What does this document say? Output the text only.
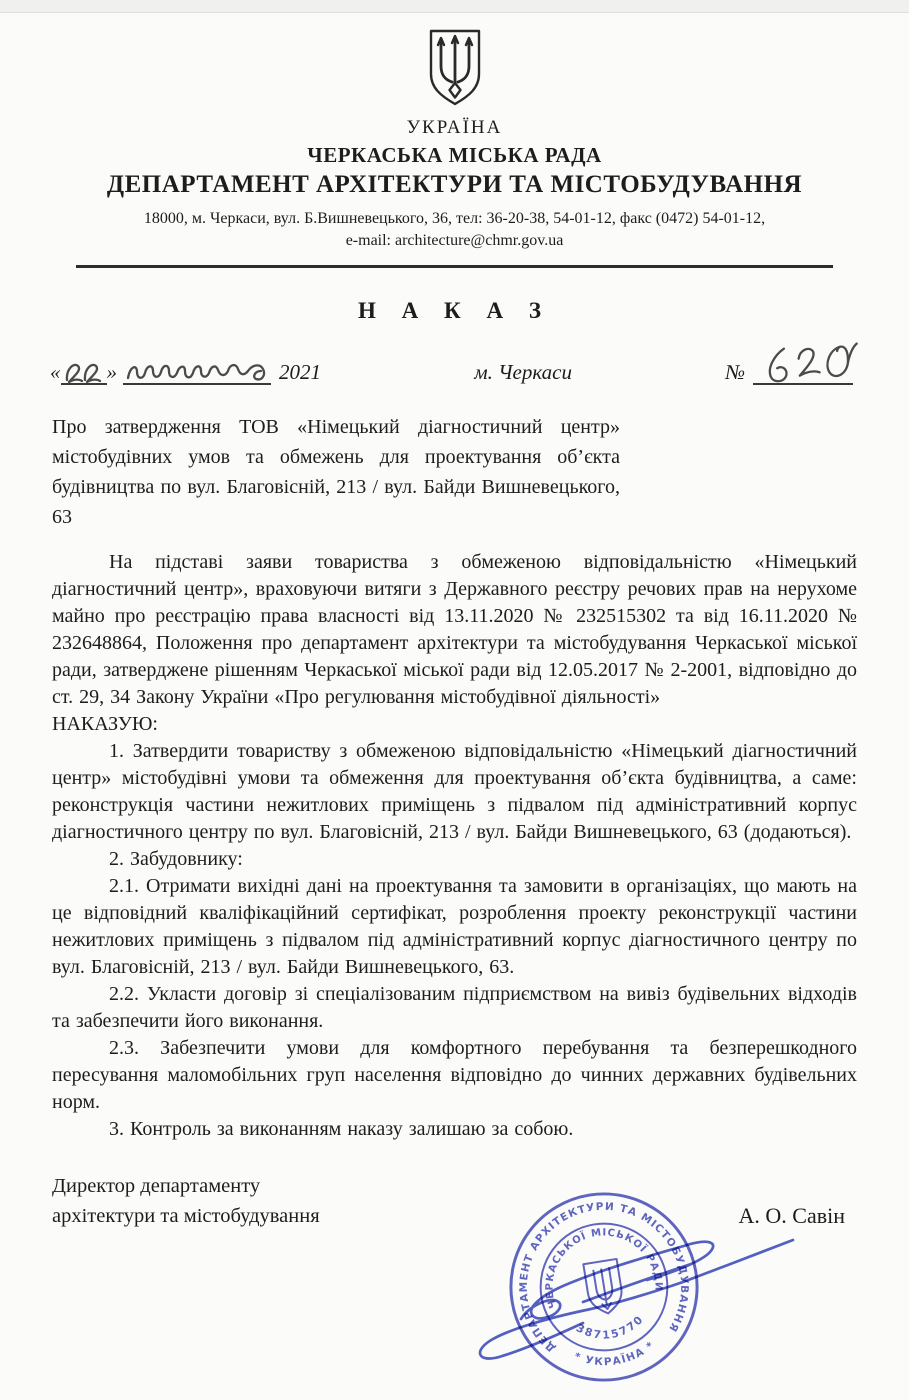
УКРАЇНА
ЧЕРКАСЬКА МІСЬКА РАДА
ДЕПАРТАМЕНТ АРХІТЕКТУРИ ТА МІСТОБУДУВАННЯ
18000, м. Черкаси, вул. Б.Вишневецького, 36, тел: 36-20-38, 54-01-12, факс (0472) 54-01-12,
e-mail: architecture@chmr.gov.ua
Н А К А З
« »	2021	м. Черкаси	№
Про затвердження ТОВ «Німецький діагностичний центр» містобудівних умов та обмежень для проектування об’єкта будівництва по вул. Благовісній, 213 / вул. Байди Вишневецького, 63

На підставі заяви товариства з обмеженою відповідальністю «Німецький діагностичний центр», враховуючи витяги з Державного реєстру речових прав на нерухоме майно про реєстрацію права власності від 13.11.2020 № 232515302 та від 16.11.2020 № 232648864, Положення про департамент архітектури та містобудування Черкаської міської ради, затверджене рішенням Черкаської міської ради від 12.05.2017 № 2-2001, відповідно до ст. 29, 34 Закону України «Про регулювання містобудівної діяльності»

НАКАЗУЮ:

1. Затвердити товариству з обмеженою відповідальністю «Німецький діагностичний центр» містобудівні умови та обмеження для проектування об’єкта будівництва, а саме: реконструкція частини нежитлових приміщень з підвалом під адміністративний корпус діагностичного центру по вул. Благовісній, 213 / вул. Байди Вишневецького, 63 (додаються).

2. Забудовнику:

2.1. Отримати вихідні дані на проектування та замовити в організаціях, що мають на це відповідний кваліфікаційний сертифікат, розроблення проекту реконструкції частини нежитлових приміщень з підвалом під адміністративний корпус діагностичного центру по вул. Благовісній, 213 / вул. Байди Вишневецького, 63.

2.2. Укласти договір зі спеціалізованим підприємством на вивіз будівельних відходів та забезпечити його виконання.

2.3. Забезпечити умови для комфортного перебування та безперешкодного пересування маломобільних груп населення відповідно до чинних державних будівельних норм.

3. Контроль за виконанням наказу залишаю за собою.

Директор департаменту
архітектури та містобудування	А. О. Савін
ДЕПАРТАМЕНТ АРХІТЕКТУРИ ТА МІСТОБУДУВАННЯ
* УКРАЇНА *
ЧЕРКАСЬКОЇ МІСЬКОЇ РАДИ
38715770
